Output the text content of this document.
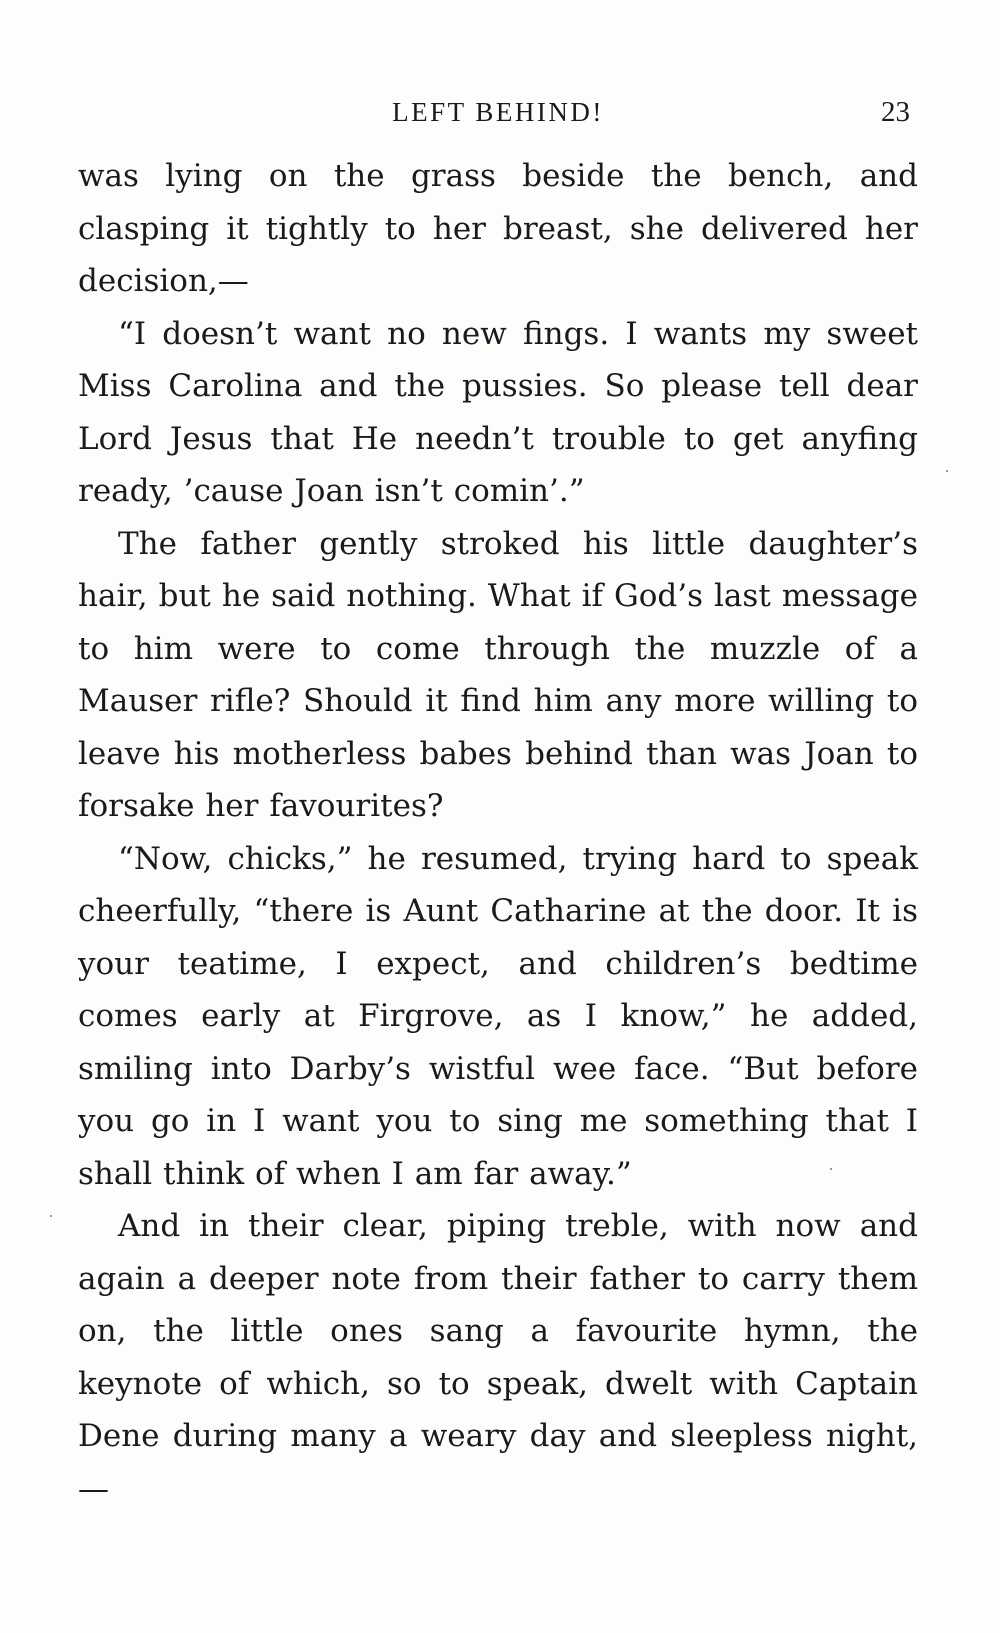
LEFT BEHIND!	23

was lying on the grass beside the bench, and clasping it tightly to her breast, she delivered her decision,—

“I doesn’t want no new fings. I wants my sweet Miss Carolina and the pussies. So please tell dear Lord Jesus that He needn’t trouble to get anyfing ready, ’cause Joan isn’t comin’.”

The father gently stroked his little daughter’s hair, but he said nothing. What if God’s last message to him were to come through the muzzle of a Mauser rifle? Should it find him any more willing to leave his motherless babes behind than was Joan to forsake her favourites?

“Now, chicks,” he resumed, trying hard to speak cheerfully, “there is Aunt Catharine at the door. It is your teatime, I expect, and children’s bedtime comes early at Firgrove, as I know,” he added, smiling into Darby’s wistful wee face. “But before you go in I want you to sing me something that I shall think of when I am far away.”

And in their clear, piping treble, with now and again a deeper note from their father to carry them on, the little ones sang a favourite hymn, the keynote of which, so to speak, dwelt with Captain Dene during many a weary day and sleepless night,—
